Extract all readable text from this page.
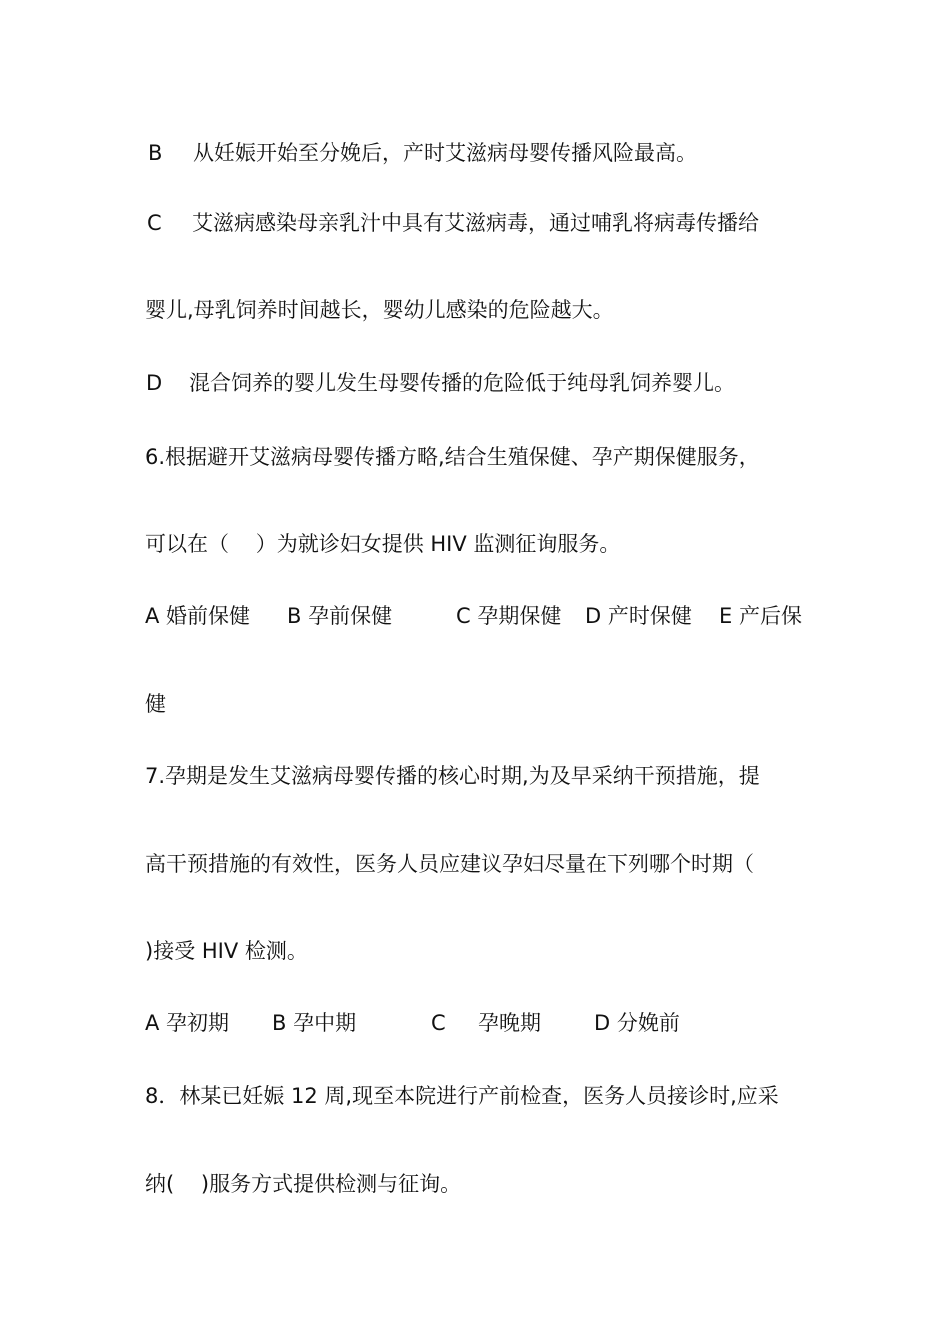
B

从妊娠开始至分娩后，产时艾滋病母婴传播风险最高。

C

艾滋病感染母亲乳汁中具有艾滋病毒，通过哺乳将病毒传播给

婴儿,母乳饲养时间越长，婴幼儿感染的危险越大。

D

混合饲养的婴儿发生母婴传播的危险低于纯母乳饲养婴儿。

6.根据避开艾滋病母婴传播方略,结合生殖保健、孕产期保健服务，
可以在（    ）为就诊妇女提供 HIV 监测征询服务。

A 婚前保健

B 孕前保健

	C 孕期保健

D 产时保健

E 产后保

健
7.孕期是发生艾滋病母婴传播的核心时期,为及早采纳干预措施，提
高干预措施的有效性，医务人员应建议孕妇尽量在下列哪个时期（
)接受 HIV 检测。

A 孕初期

B 孕中期

	C

孕晚期

	D 分娩前

8．林某已妊娠 12 周,现至本院进行产前检查，医务人员接诊时,应采
纳(    )服务方式提供检测与征询。
